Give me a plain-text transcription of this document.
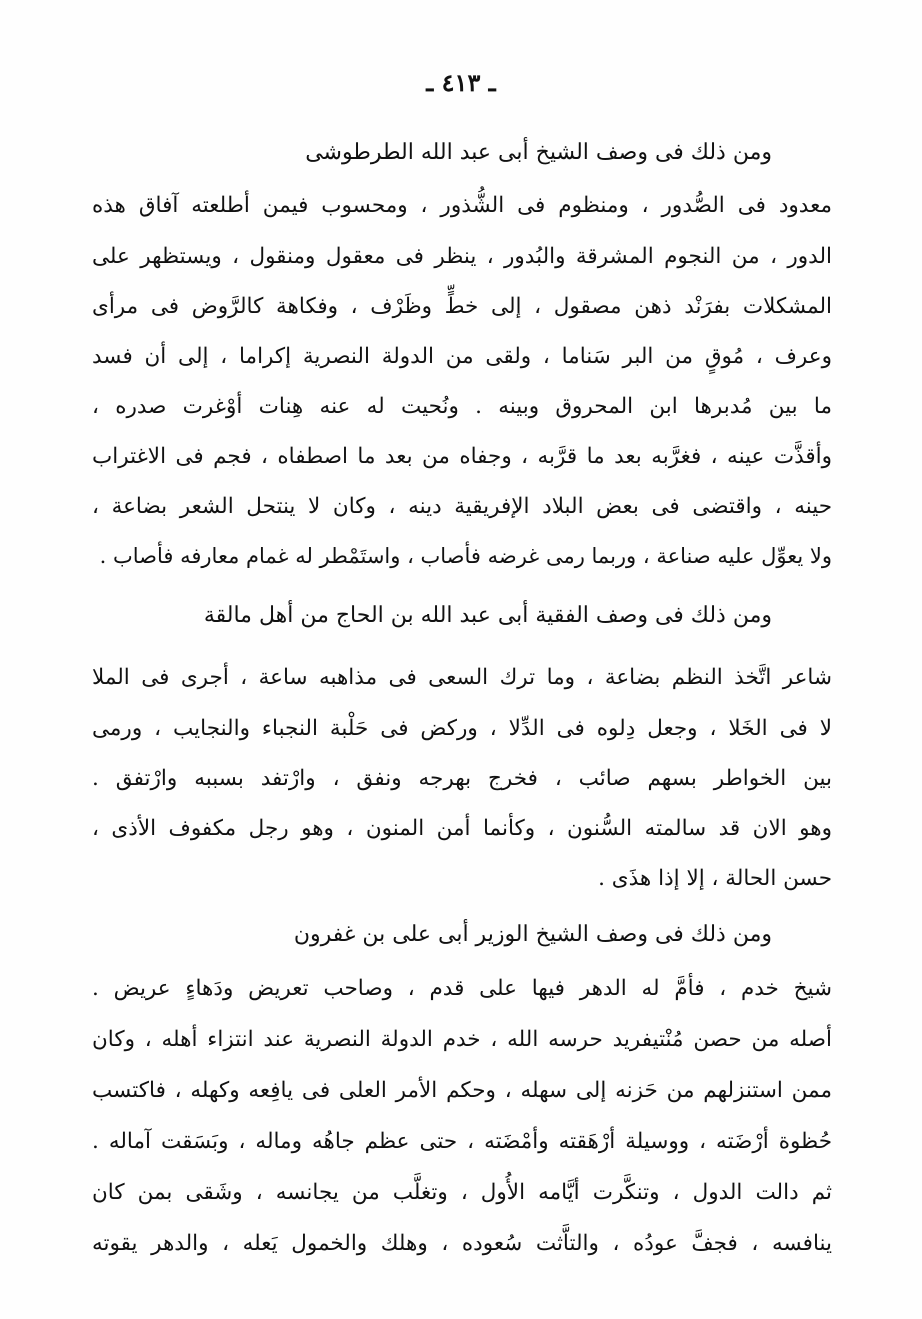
ـ ٤١٣ ـ
ومن ذلك فى وصف الشيخ أبى عبد الله الطرطوشى
معدود فى الصُّدور ، ومنظوم فى الشُّذور ، ومحسوب فيمن أطلعته آفاق هذه
الدور ، من النجوم المشرقة والبُدور ، ينظر فى معقول ومنقول ، ويستظهر على
المشكلات بفرَنْد ذهن مصقول ، إلى خطٍّ وظَرْف ، وفكاهة كالرَّوض فى مرأى
وعرف ، مُوقٍ من البر سَناما ، ولقى من الدولة النصرية إكراما ، إلى أن فسد
ما بين مُدبرها ابن المحروق وبينه . ونُحيت له عنه هِنات أوْغرت صدره ،
وأقذَّت عينه ، فغرَّبه بعد ما قرَّبه ، وجفاه من بعد ما اصطفاه ، فجم فى الاغتراب
حينه ، واقتضى فى بعض البلاد الإفريقية دينه ، وكان لا ينتحل الشعر بضاعة ،
ولا يعوِّل عليه صناعة ، وربما رمى غرضه فأصاب ، واستَمْطر له غمام معارفه فأصاب .
ومن ذلك فى وصف الفقية أبى عبد الله بن الحاج من أهل مالقة
شاعر اتَّخذ النظم بضاعة ، وما ترك السعى فى مذاهبه ساعة ، أجرى فى الملا
لا فى الخَلا ، وجعل دِلوه فى الدِّلا ، وركض فى حَلْبة النجباء والنجايب ، ورمى
بين الخواطر بسهم صائب ، فخرج بهرجه ونفق ، وارْتفد بسببه وارْتفق .
وهو الان قد سالمته السُّنون ، وكأنما أمن المنون ، وهو رجل مكفوف الأذى ،
حسن الحالة ، إلا إذا هذَى .
ومن ذلك فى وصف الشيخ الوزير أبى على بن غفرون
شيخ خدم ، فأمَّ له الدهر فيها على قدم ، وصاحب تعريض ودَهاءٍ عريض .
أصله من حصن مُنْتيفريد حرسه الله ، خدم الدولة النصرية عند انتزاء أهله ، وكان
ممن استنزلهم من حَزنه إلى سهله ، وحكم الأمر العلى فى يافِعه وكهله ، فاكتسب
حُظوة أرْضَته ، ووسيلة أرْهَقته وأمْضَته ، حتى عظم جاهُه وماله ، وبَسَقت آماله .
ثم دالت الدول ، وتنكَّرت أيَّامه الأُول ، وتغلَّب من يجانسه ، وشَقى بمن كان
ينافسه ، فجفَّ عودُه ، والتاَّثت سُعوده ، وهلك والخمول يَعله ، والدهر يقوته
